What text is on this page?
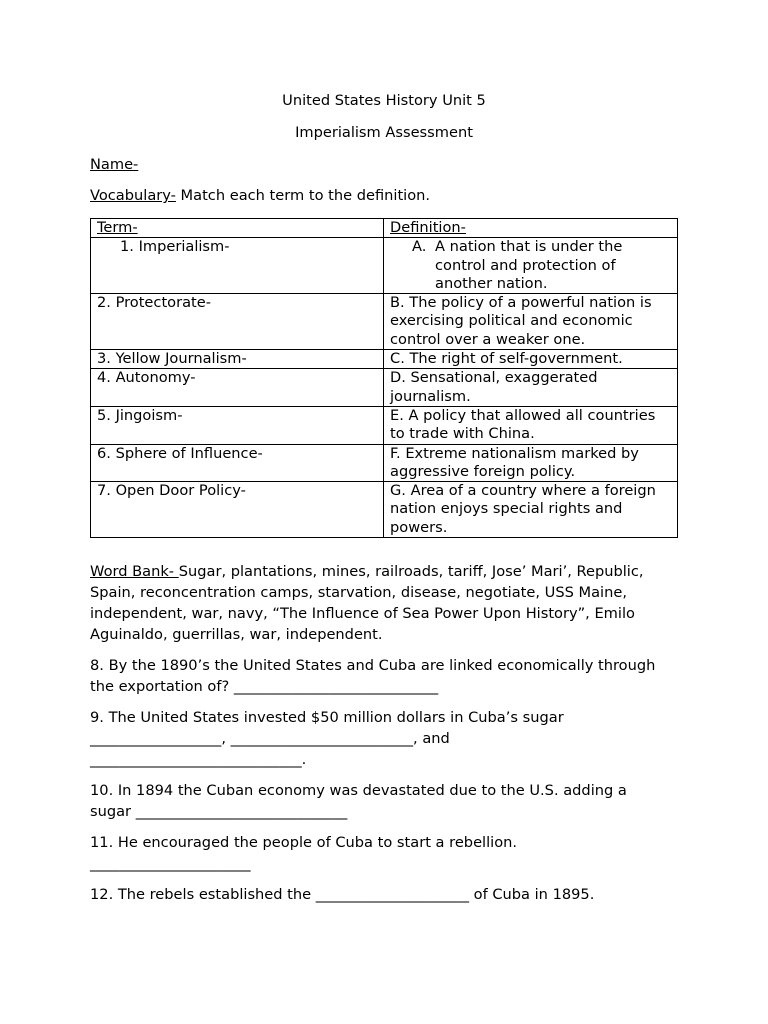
United States History Unit 5
Imperialism Assessment
Name-
Vocabulary- Match each term to the definition.
Term-	Definition-

1. Imperialism-	A. A nation that is under the control and protection of another nation.

2. Protectorate-	B. The policy of a powerful nation is exercising political and economic control over a weaker one.
3. Yellow Journalism-	C. The right of self-government.
4. Autonomy-	D. Sensational, exaggerated journalism.
5. Jingoism-	E. A policy that allowed all countries to trade with China.
6. Sphere of Influence-	F. Extreme nationalism marked by aggressive foreign policy.
7. Open Door Policy-	G. Area of a country where a foreign nation enjoys special rights and powers.
Word Bank- Sugar, plantations, mines, railroads, tariff, Jose’ Mari’, Republic,
Spain, reconcentration camps, starvation, disease, negotiate, USS Maine,
independent, war, navy, “The Influence of Sea Power Upon History”, Emilo
Aguinaldo, guerrillas, war, independent.
8. By the 1890’s the United States and Cuba are linked economically through
the exportation of? ____________________________
9. The United States invested $50 million dollars in Cuba’s sugar
__________________, _________________________, and
_____________________________.
10. In 1894 the Cuban economy was devastated due to the U.S. adding a
sugar _____________________________
11. He encouraged the people of Cuba to start a rebellion.
______________________
12. The rebels established the _____________________ of Cuba in 1895.
